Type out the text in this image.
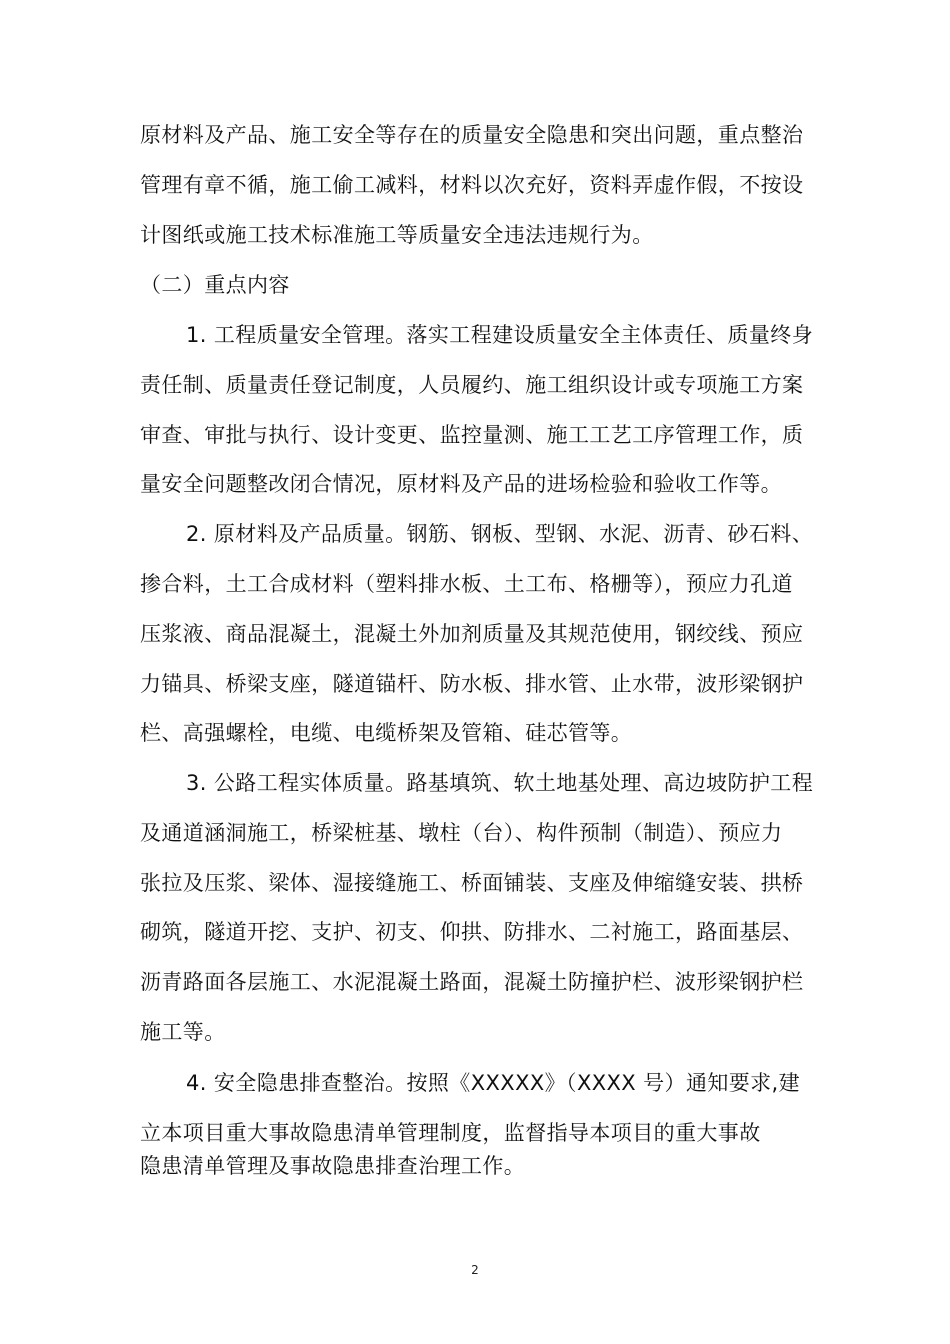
原材料及产品、施工安全等存在的质量安全隐患和突出问题，重点整治
管理有章不循，施工偷工减料，材料以次充好，资料弄虚作假，不按设
计图纸或施工技术标准施工等质量安全违法违规行为。
（二）重点内容
1. 工程质量安全管理。落实工程建设质量安全主体责任、质量终身
责任制、质量责任登记制度，人员履约、施工组织设计或专项施工方案
审查、审批与执行、设计变更、监控量测、施工工艺工序管理工作，质
量安全问题整改闭合情况，原材料及产品的进场检验和验收工作等。
2. 原材料及产品质量。钢筋、钢板、型钢、水泥、沥青、砂石料、
掺合料，土工合成材料（塑料排水板、土工布、格栅等），预应力孔道
压浆液、商品混凝土，混凝土外加剂质量及其规范使用，钢绞线、预应
力锚具、桥梁支座，隧道锚杆、防水板、排水管、止水带，波形梁钢护
栏、高强螺栓，电缆、电缆桥架及管箱、硅芯管等。
3. 公路工程实体质量。路基填筑、软土地基处理、高边坡防护工程
及通道涵洞施工，桥梁桩基、墩柱（台）、构件预制（制造）、预应力
张拉及压浆、梁体、湿接缝施工、桥面铺装、支座及伸缩缝安装、拱桥
砌筑，隧道开挖、支护、初支、仰拱、防排水、二衬施工，路面基层、
沥青路面各层施工、水泥混凝土路面，混凝土防撞护栏、波形梁钢护栏
施工等。
4. 安全隐患排查整治。按照《XXXXX》（XXXX 号）通知要求,建
立本项目重大事故隐患清单管理制度，监督指导本项目的重大事故
隐患清单管理及事故隐患排查治理工作。
2
